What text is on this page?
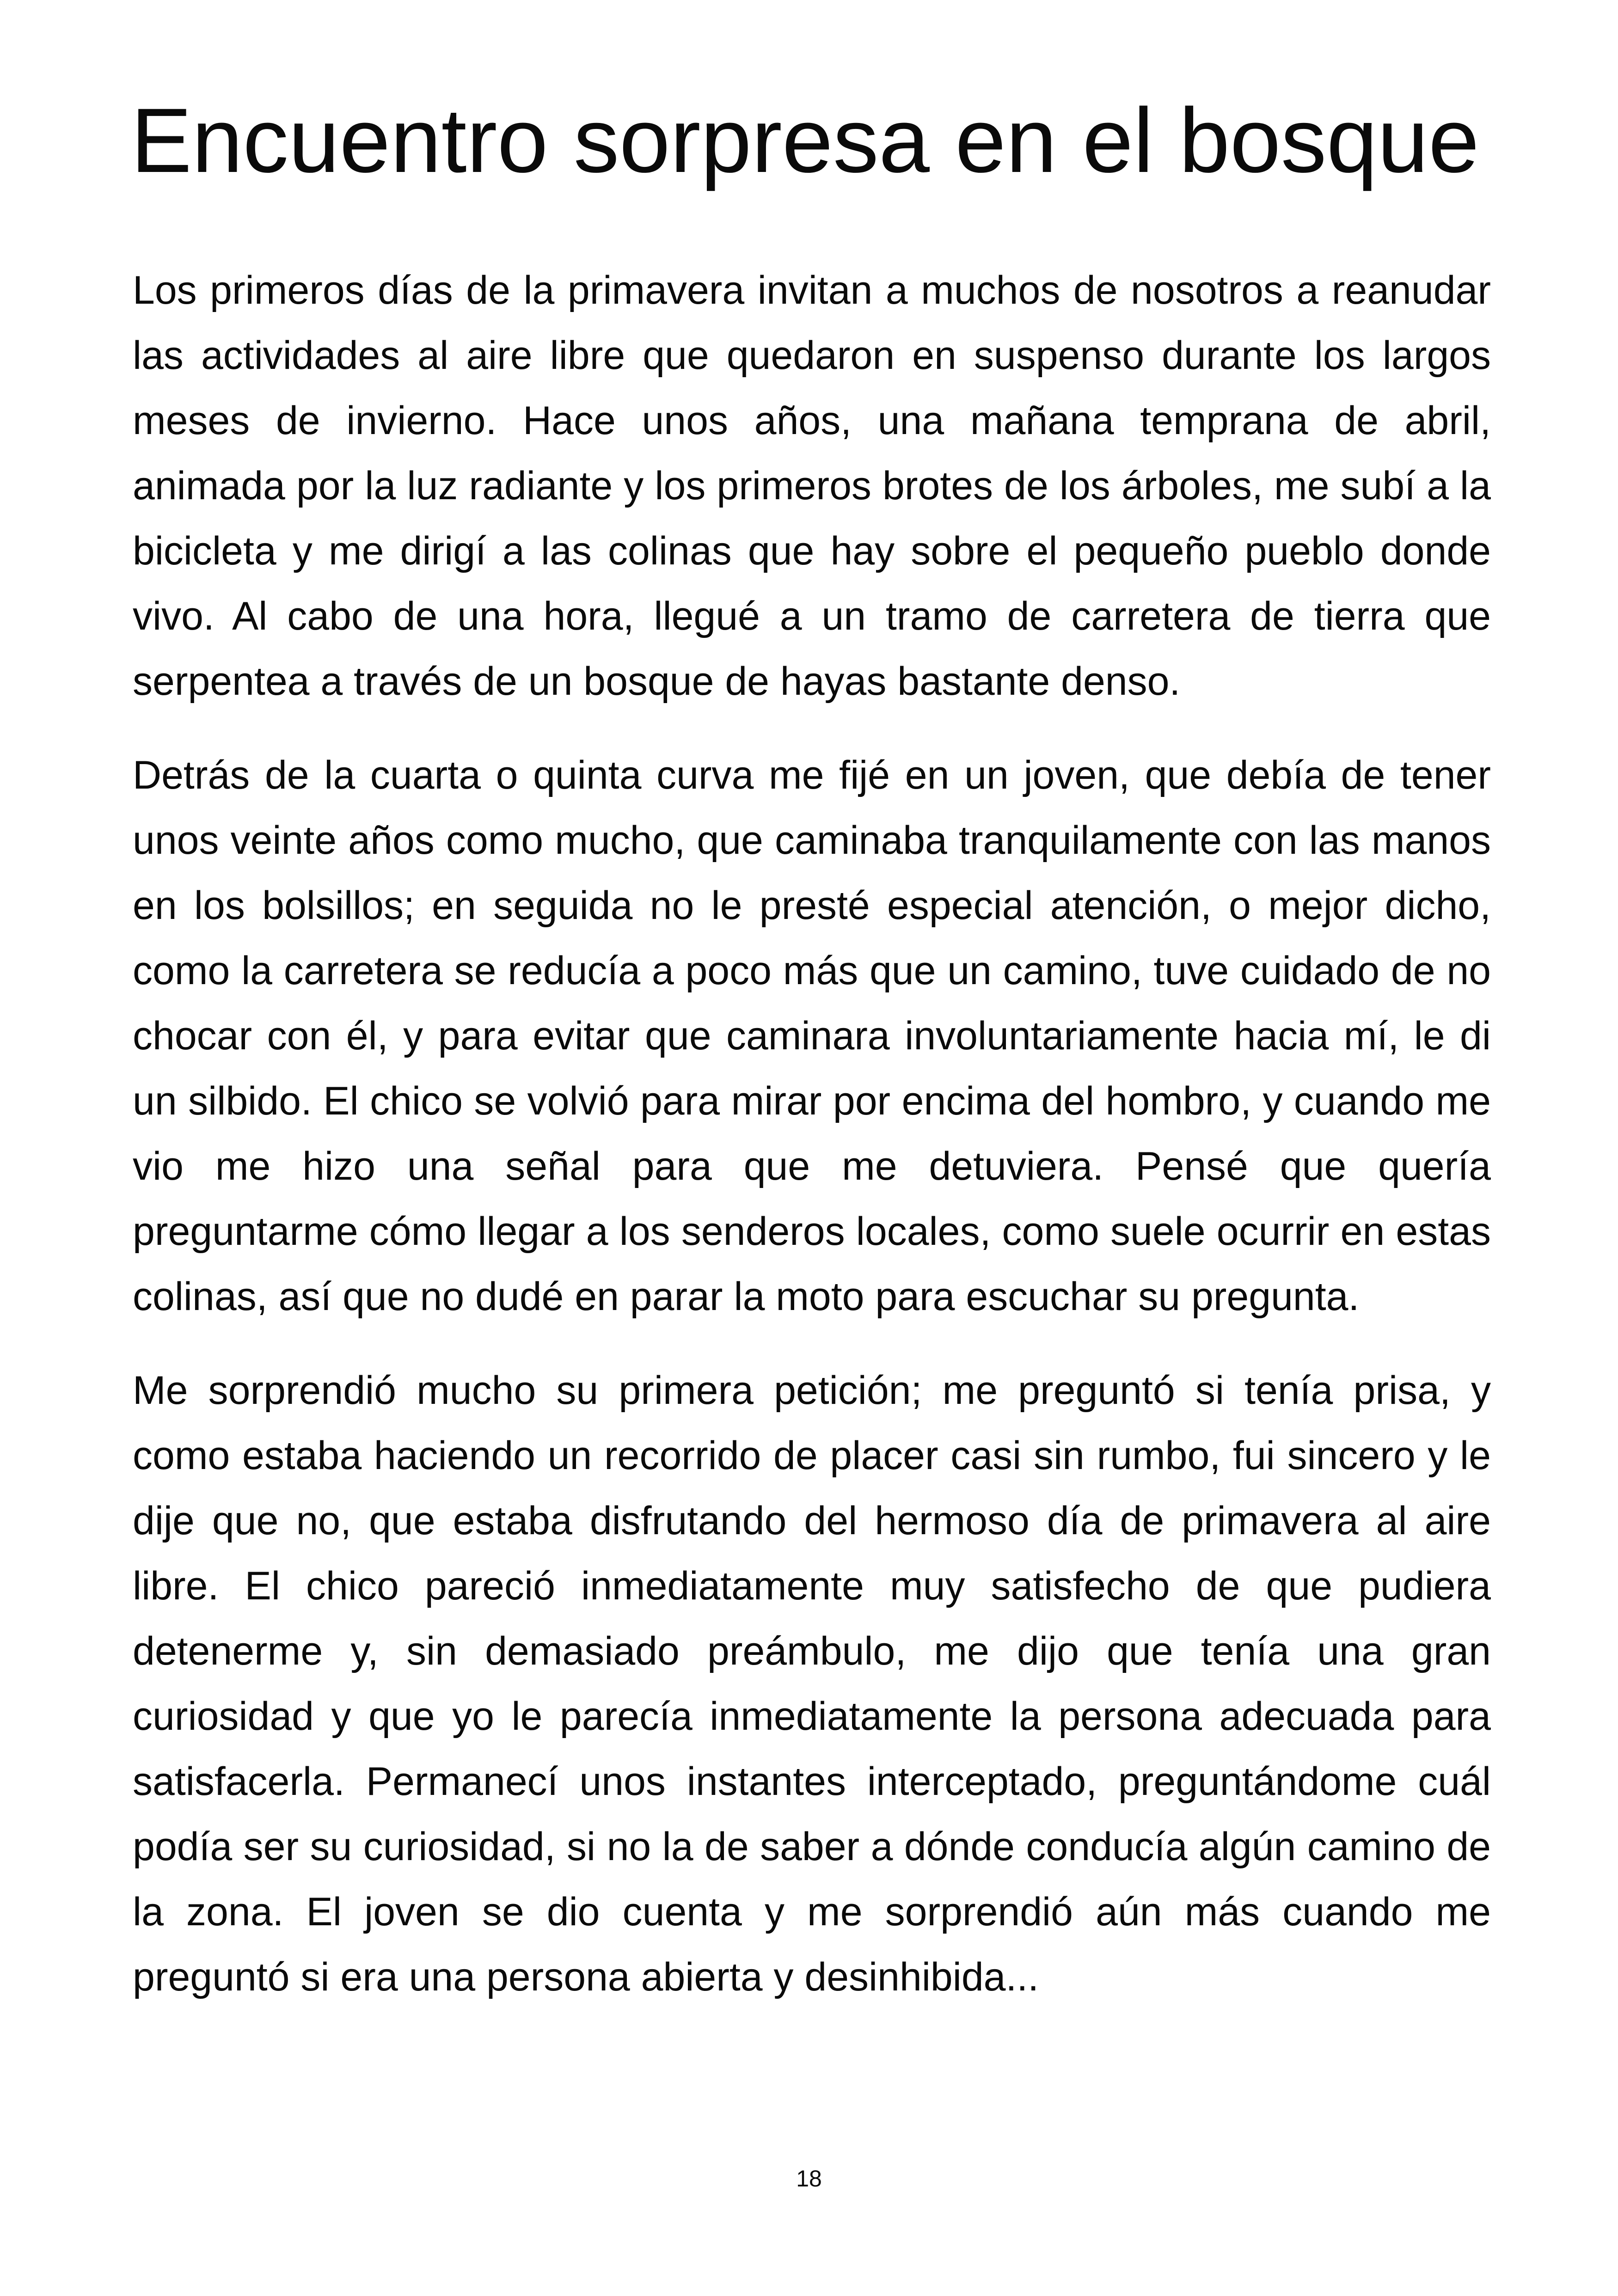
Encuentro sorpresa en el bosque

Los primeros días de la primavera invitan a muchos de nosotros a reanudar las actividades al aire libre que quedaron en suspenso durante los largos meses de invierno. Hace unos años, una mañana temprana de abril, animada por la luz radiante y los primeros brotes de los árboles, me subí a la bicicleta y me dirigí a las colinas que hay sobre el pequeño pueblo donde vivo. Al cabo de una hora, llegué a un tramo de carretera de tierra que serpentea a través de un bosque de hayas bastante denso.

Detrás de la cuarta o quinta curva me fijé en un joven, que debía de tener unos veinte años como mucho, que caminaba tranquilamente con las manos en los bolsillos; en seguida no le presté especial atención, o mejor dicho, como la carretera se reducía a poco más que un camino, tuve cuidado de no chocar con él, y para evitar que caminara involuntariamente hacia mí, le di un silbido. El chico se volvió para mirar por encima del hombro, y cuando me vio me hizo una señal para que me detuviera. Pensé que quería preguntarme cómo llegar a los senderos locales, como suele ocurrir en estas colinas, así que no dudé en parar la moto para escuchar su pregunta.

Me sorprendió mucho su primera petición; me preguntó si tenía prisa, y como estaba haciendo un recorrido de placer casi sin rumbo, fui sincero y le dije que no, que estaba disfrutando del hermoso día de primavera al aire libre. El chico pareció inmediatamente muy satisfecho de que pudiera detenerme y, sin demasiado preámbulo, me dijo que tenía una gran curiosidad y que yo le parecía inmediatamente la persona adecuada para satisfacerla. Permanecí unos instantes interceptado, preguntándome cuál podía ser su curiosidad, si no la de saber a dónde conducía algún camino de la zona. El joven se dio cuenta y me sorprendió aún más cuando me preguntó si era una persona abierta y desinhibida...

18
